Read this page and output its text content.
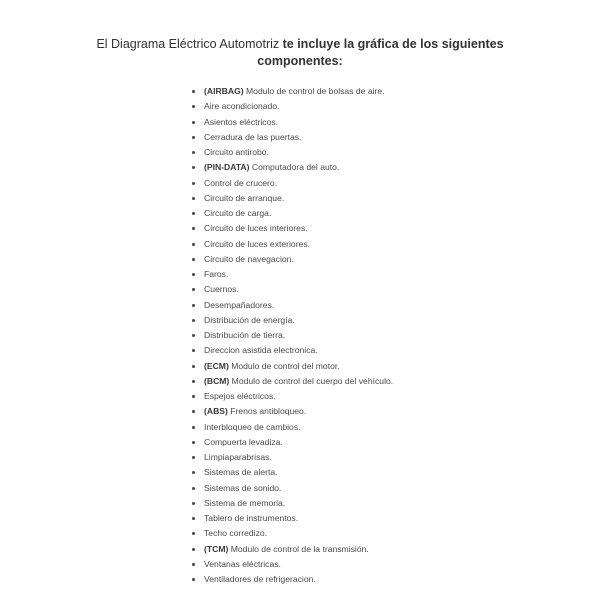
El Diagrama Eléctrico Automotriz te incluye la gráfica de los siguientes componentes:
(AIRBAG) Modulo de control de bolsas de aire.
Aire acondicionado.
Asientos eléctricos.
Cerradura de las puertas.
Circuito antirobo.
(PIN-DATA) Computadora del auto.
Control de crucero.
Circuito de arranque.
Circuito de carga.
Circuito de luces interiores.
Circuito de luces exteriores.
Circuito de navegacion.
Faros.
Cuernos.
Desempañadores.
Distribución de energía.
Distribución de tierra.
Direccion asistida electronica.
(ECM) Modulo de control del motor.
(BCM) Modulo de control del cuerpo del vehículo.
Espejos eléctricos.
(ABS) Frenos antibloqueo.
Interbloqueo de cambios.
Compuerta levadiza.
Limpiaparabrisas.
Sistemas de alerta.
Sistemas de sonido.
Sistema de memoria.
Tablero de instrumentos.
Techo corredizo.
(TCM) Modulo de control de la transmisión.
Ventanas eléctricas.
Ventiladores de refrigeracion.
